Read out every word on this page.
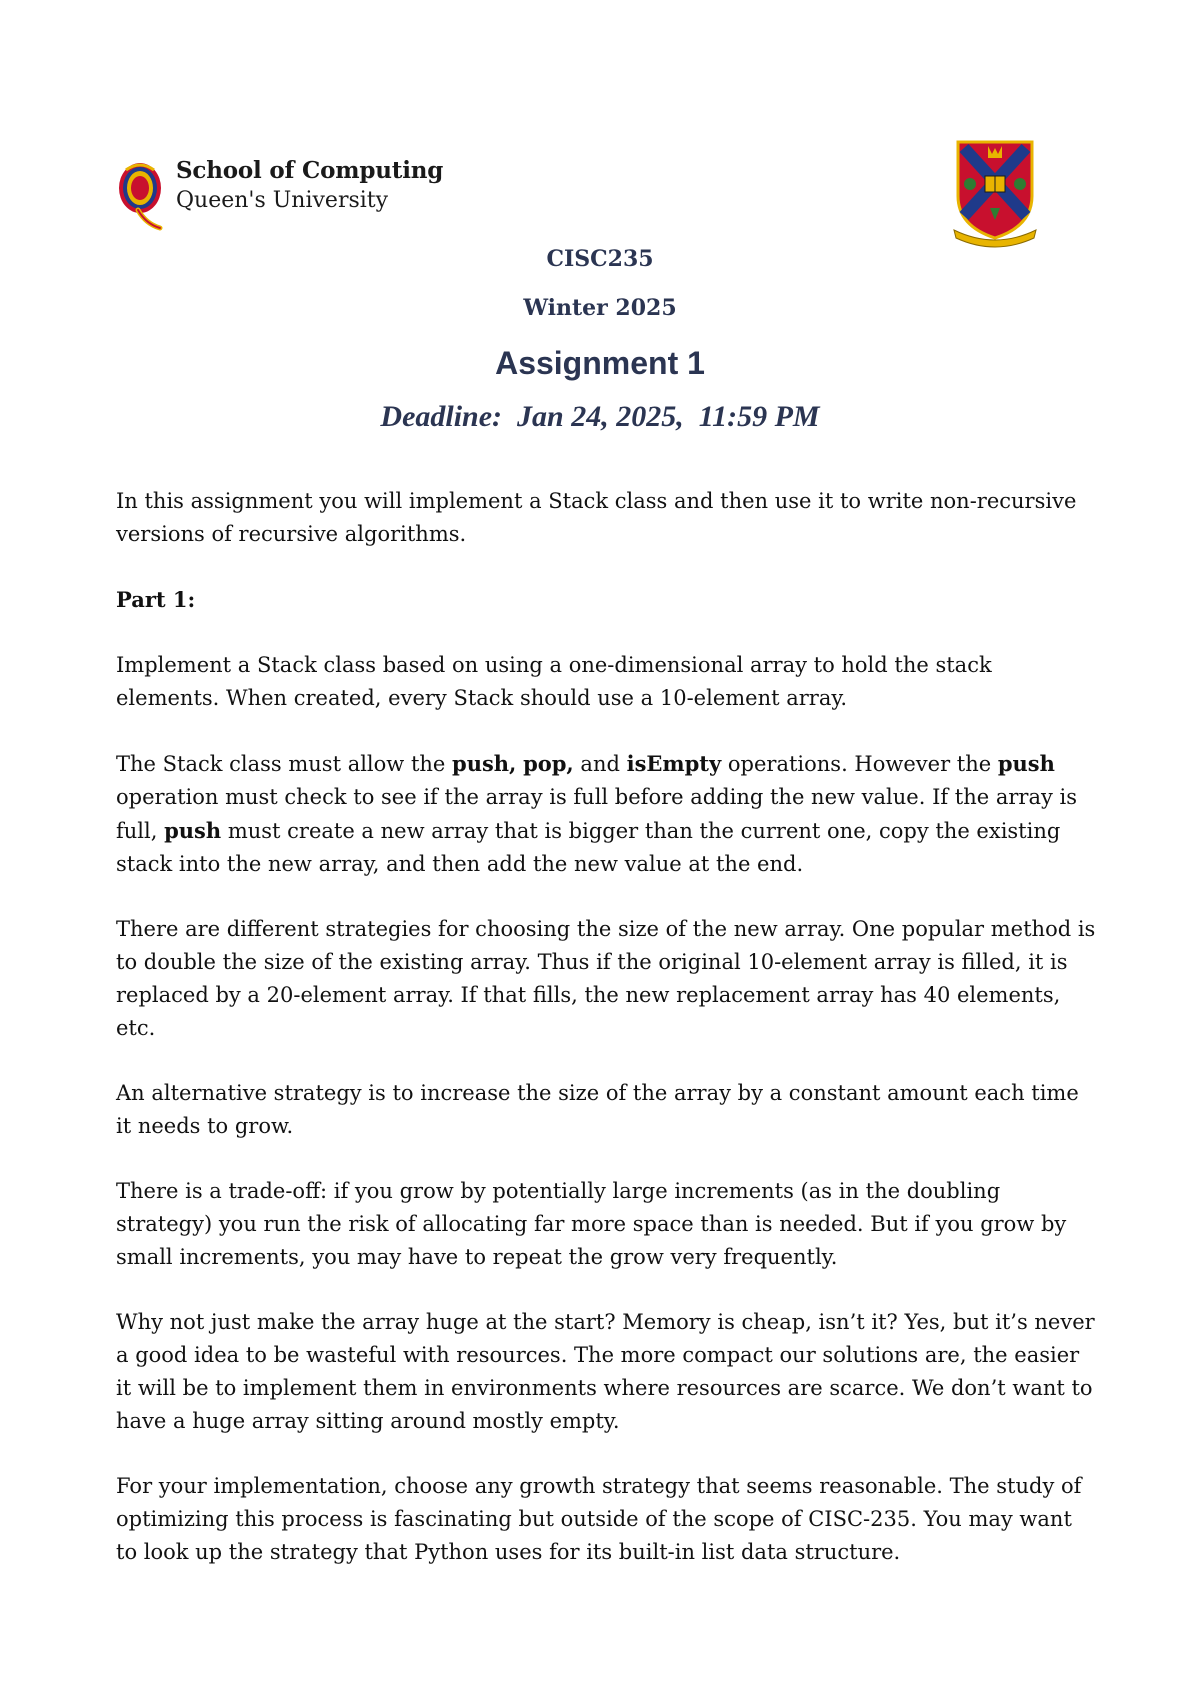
School of Computing
Queen's University
CISC235
Winter 2025
Assignment 1
Deadline:  Jan 24, 2025,  11:59 PM

In this assignment you will implement a Stack class and then use it to write non-recursive versions of recursive algorithms.

Part 1:

Implement a Stack class based on using a one-dimensional array to hold the stack elements. When created, every Stack should use a 10-element array.

The Stack class must allow the push, pop, and isEmpty operations. However the push operation must check to see if the array is full before adding the new value. If the array is full, push must create a new array that is bigger than the current one, copy the existing stack into the new array, and then add the new value at the end.

There are different strategies for choosing the size of the new array. One popular method is to double the size of the existing array. Thus if the original 10-element array is filled, it is replaced by a 20-element array. If that fills, the new replacement array has 40 elements, etc.

An alternative strategy is to increase the size of the array by a constant amount each time it needs to grow.

There is a trade-off: if you grow by potentially large increments (as in the doubling strategy) you run the risk of allocating far more space than is needed. But if you grow by small increments, you may have to repeat the grow very frequently.

Why not just make the array huge at the start? Memory is cheap, isn’t it? Yes, but it’s never a good idea to be wasteful with resources. The more compact our solutions are, the easier it will be to implement them in environments where resources are scarce. We don’t want to have a huge array sitting around mostly empty.

For your implementation, choose any growth strategy that seems reasonable. The study of optimizing this process is fascinating but outside of the scope of CISC-235. You may want to look up the strategy that Python uses for its built-in list data structure.
